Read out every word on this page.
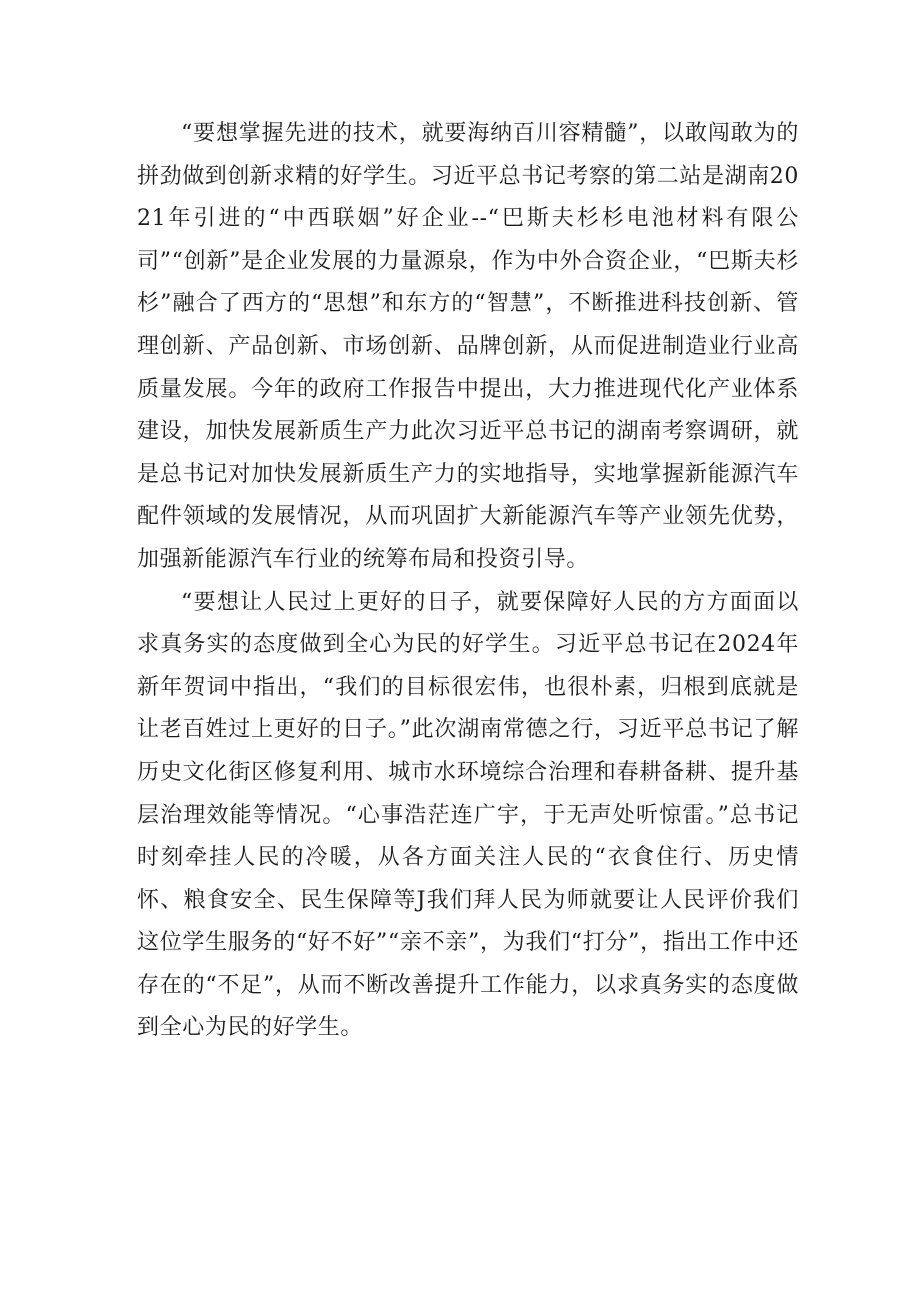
“要想掌握先进的技术，就要海纳百川容精髓”，以敢闯敢为的拼劲做到创新求精的好学生。习近平总书记考察的第二站是湖南2021年引进的“中西联姻”好企业--“巴斯夫杉杉电池材料有限公司”“创新”是企业发展的力量源泉，作为中外合资企业，“巴斯夫杉杉”融合了西方的“思想”和东方的“智慧”，不断推进科技创新、管理创新、产品创新、市场创新、品牌创新，从而促进制造业行业高质量发展。今年的政府工作报告中提出，大力推进现代化产业体系建设，加快发展新质生产力此次习近平总书记的湖南考察调研，就是总书记对加快发展新质生产力的实地指导，实地掌握新能源汽车配件领域的发展情况，从而巩固扩大新能源汽车等产业领先优势，加强新能源汽车行业的统筹布局和投资引导。

“要想让人民过上更好的日子，就要保障好人民的方方面面以求真务实的态度做到全心为民的好学生。习近平总书记在2024年新年贺词中指出，“我们的目标很宏伟，也很朴素，归根到底就是让老百姓过上更好的日子。”此次湖南常德之行，习近平总书记了解历史文化街区修复利用、城市水环境综合治理和春耕备耕、提升基层治理效能等情况。“心事浩茫连广宇，于无声处听惊雷。”总书记时刻牵挂人民的冷暖，从各方面关注人民的“衣食住行、历史情怀、粮食安全、民生保障等J我们拜人民为师就要让人民评价我们这位学生服务的“好不好”“亲不亲”，为我们“打分”，指出工作中还存在的“不足”，从而不断改善提升工作能力，以求真务实的态度做到全心为民的好学生。
